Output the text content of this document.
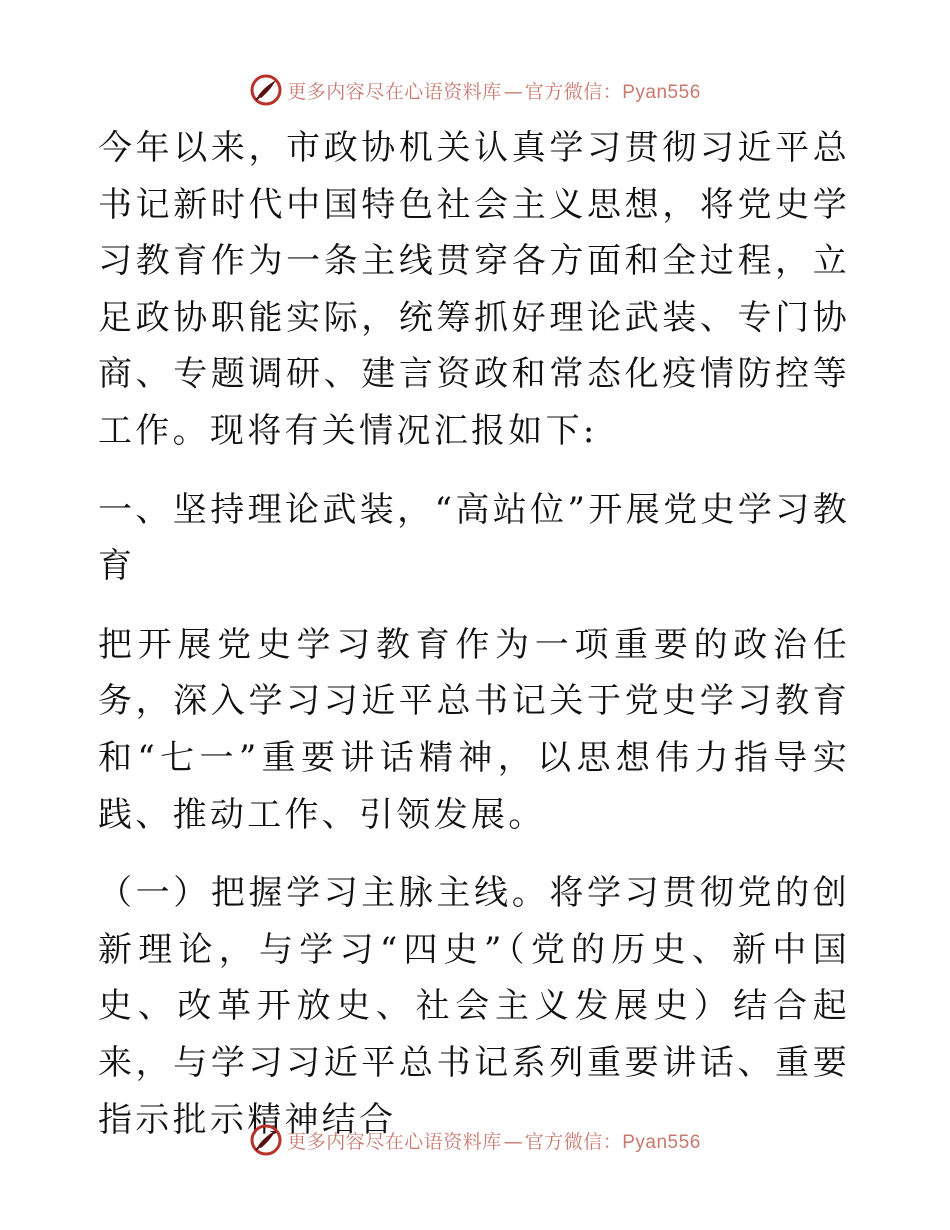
更多内容尽在心语资料库 — 官方微信：Pyan556

今年以来，市政协机关认真学习贯彻习近平总书记新时代中国特色社会主义思想，将党史学习教育作为一条主线贯穿各方面和全过程，立足政协职能实际，统筹抓好理论武装、专门协商、专题调研、建言资政和常态化疫情防控等工作。现将有关情况汇报如下:

一、坚持理论武装，“高站位”开展党史学习教育

把开展党史学习教育作为一项重要的政治任务，深入学习习近平总书记关于党史学习教育和“七一”重要讲话精神，以思想伟力指导实践、推动工作、引领发展。

（一）把握学习主脉主线。将学习贯彻党的创新理论，与学习“四史”（党的历史、新中国史、改革开放史、社会主义发展史）结合起来，与学习习近平总书记系列重要讲话、重要指示批示精神结合

更多内容尽在心语资料库 — 官方微信：Pyan556
